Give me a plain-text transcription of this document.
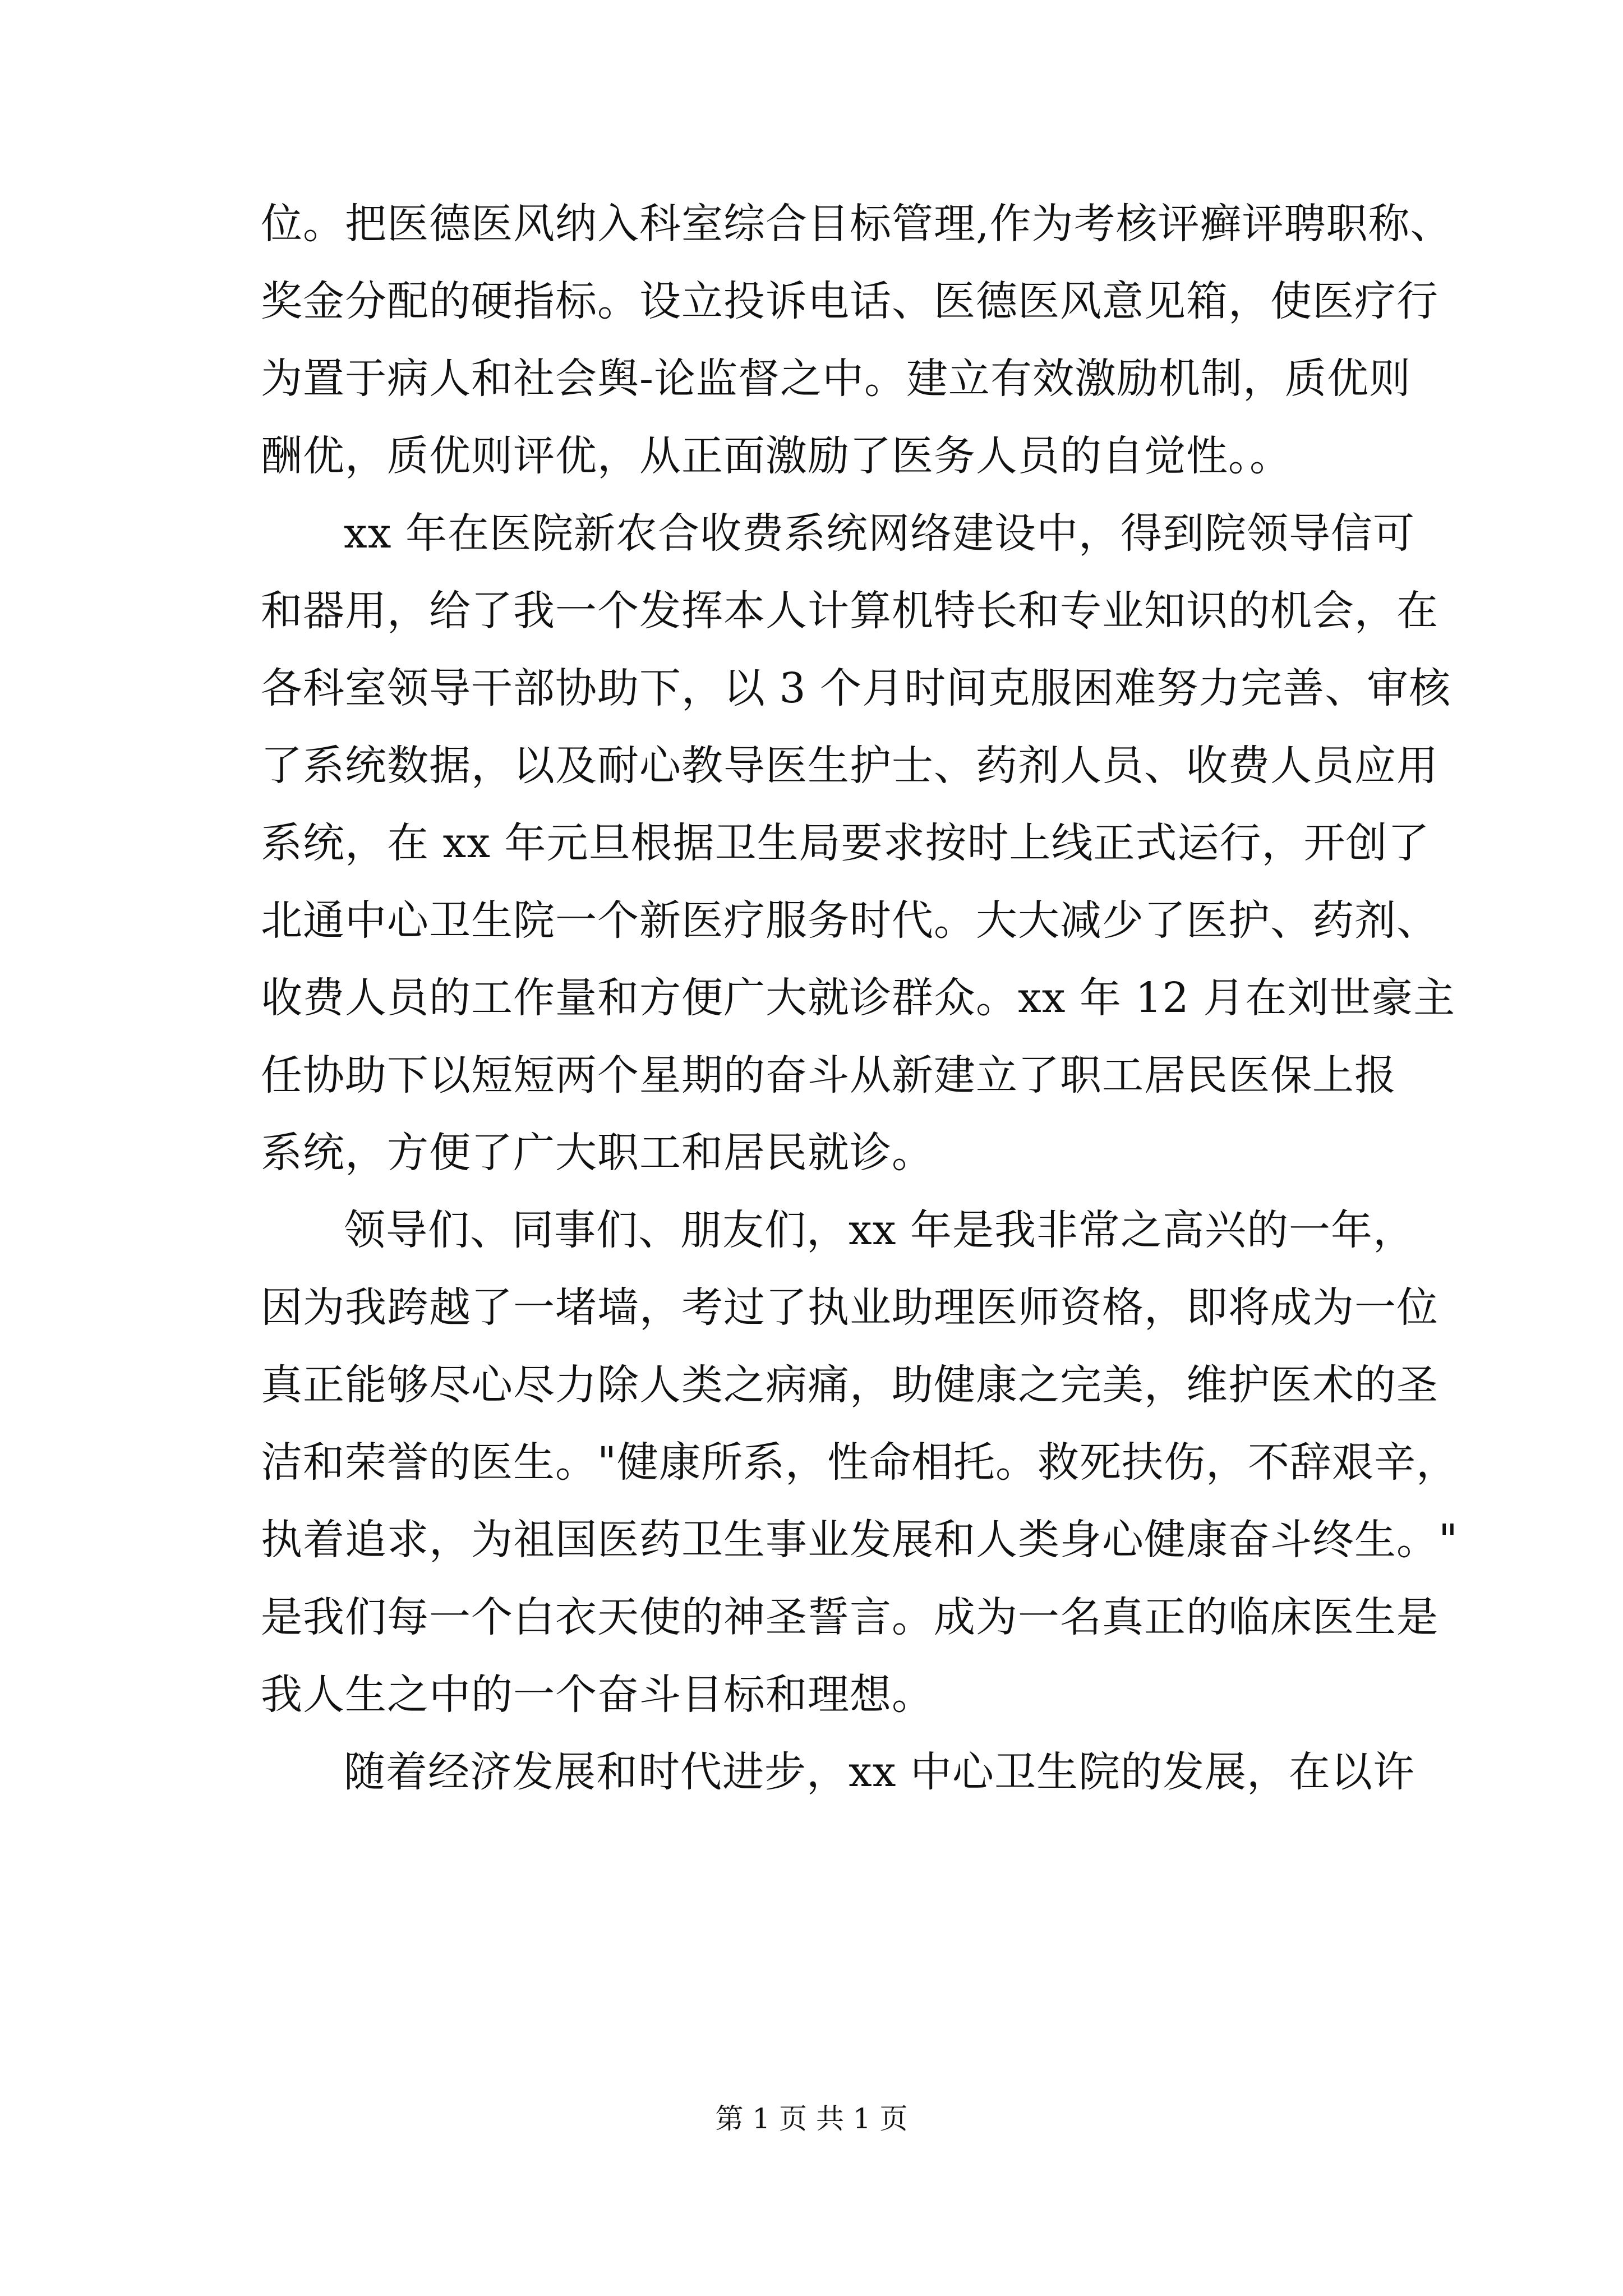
位。把医德医风纳入科室综合目标管理,作为考核评癣评聘职称、
奖金分配的硬指标。设立投诉电话、医德医风意见箱，使医疗行
为置于病人和社会舆-论监督之中。建立有效激励机制，质优则
酬优，质优则评优，从正面激励了医务人员的自觉性。。
xx 年在医院新农合收费系统网络建设中，得到院领导信可
和器用，给了我一个发挥本人计算机特长和专业知识的机会，在
各科室领导干部协助下，以 3 个月时间克服困难努力完善、审核
了系统数据，以及耐心教导医生护士、药剂人员、收费人员应用
系统，在 xx 年元旦根据卫生局要求按时上线正式运行，开创了
北通中心卫生院一个新医疗服务时代。大大减少了医护、药剂、
收费人员的工作量和方便广大就诊群众。xx 年 12 月在刘世豪主
任协助下以短短两个星期的奋斗从新建立了职工居民医保上报
系统，方便了广大职工和居民就诊。
领导们、同事们、朋友们，xx 年是我非常之高兴的一年，
因为我跨越了一堵墙，考过了执业助理医师资格，即将成为一位
真正能够尽心尽力除人类之病痛，助健康之完美，维护医术的圣
洁和荣誉的医生。"健康所系，性命相托。救死扶伤，不辞艰辛，
执着追求，为祖国医药卫生事业发展和人类身心健康奋斗终生。"
是我们每一个白衣天使的神圣誓言。成为一名真正的临床医生是
我人生之中的一个奋斗目标和理想。
随着经济发展和时代进步，xx 中心卫生院的发展，在以许
第 1 页 共 1 页
